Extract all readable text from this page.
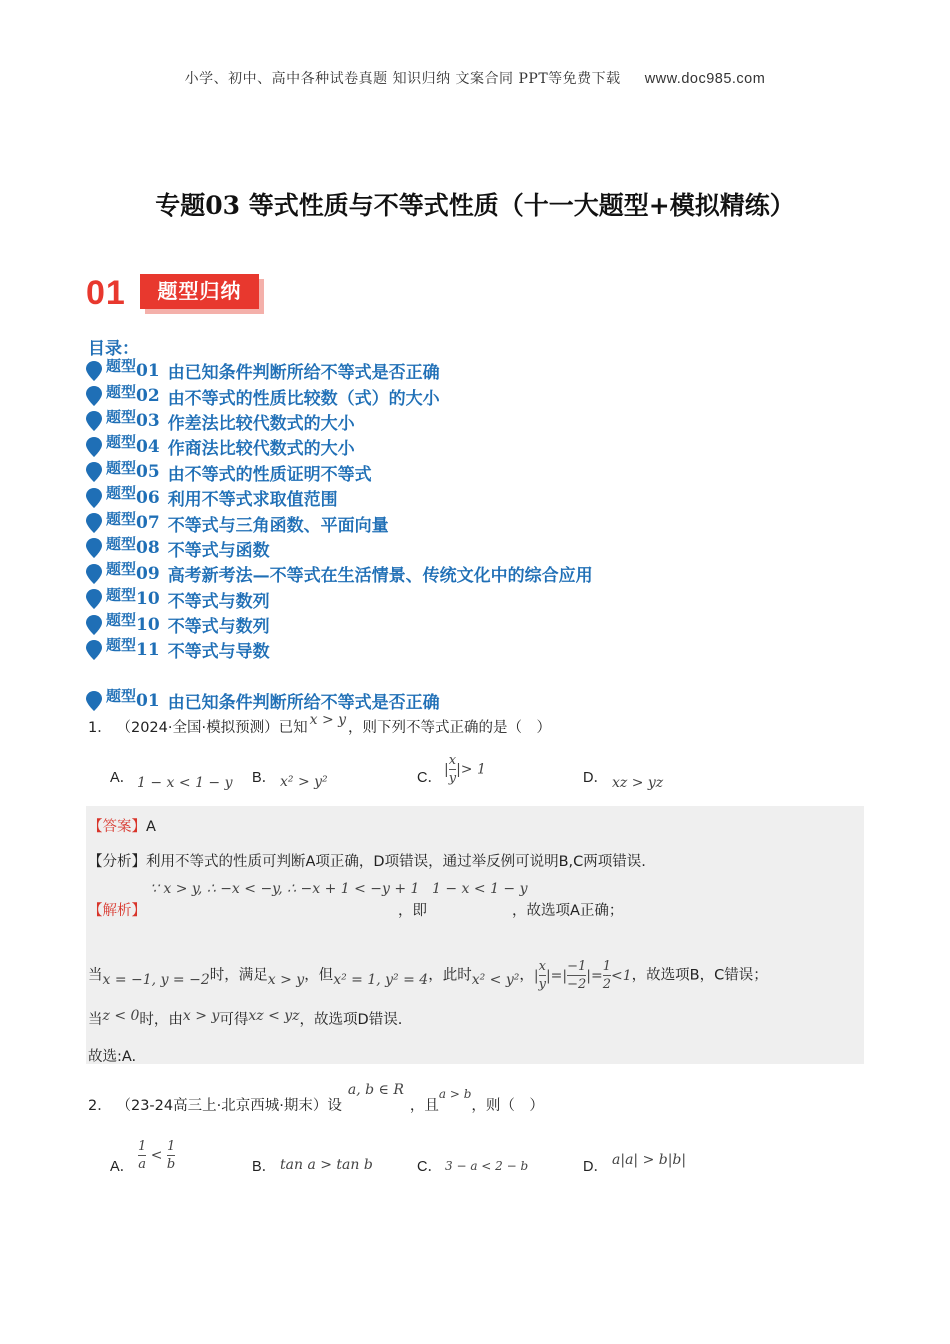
小学、初中、高中各种试卷真题 知识归纳 文案合同 PPT等免费下载 www.doc985.com
专题03 等式性质与不等式性质（十一大题型+模拟精练）
01	题型归纳
目录：
题型 01 由已知条件判断所给不等式是否正确
题型 02 由不等式的性质比较数（式）的大小
题型 03 作差法比较代数式的大小
题型 04 作商法比较代数式的大小
题型 05 由不等式的性质证明不等式
题型 06 利用不等式求取值范围
题型 07 不等式与三角函数、平面向量
题型 08 不等式与函数
题型 09 高考新考法—不等式在生活情景、传统文化中的综合应用
题型 10 不等式与数列
题型 10 不等式与数列
题型 11 不等式与导数
题型 01 由已知条件判断所给不等式是否正确
1． （2024·全国·模拟预测）已知 x > y ，则下列不等式正确的是（　）
A． 1 − x < 1 − y B． x² > y²	C．
| $\frac{x}{y}$ |> 1
D． xz > yz
【答案】A
【分析】利用不等式的性质可判断A项正确，D项错误，通过举反例可说明B,C两项错误.
【解析】
∵ x > y, ∴ −x < −y, ∴ −x + 1 < −y + 1
，即
1 − x < 1 − y
，故选项A正确；
当x = −1, y = −2时，满足x > y，但x² = 1, y² = 4，此时x² < y²，| $\frac{x}{y}$ |=| $\frac{-1}{-2}$ |= $\frac{1}{2} <1$，故选项B，C错误；
当z < 0时，由x > y可得xz < yz，故选项D错误.
故选:A.
2． （23-24高三上·北京西城·期末）设a, b ∈ R，且$^{a > b}$，则（　）
A． $\frac{1}{a} < \frac{1}{b}$	B． tan a > tan b	C． 3 − a < 2 − b	D． a|a| > b|b|
